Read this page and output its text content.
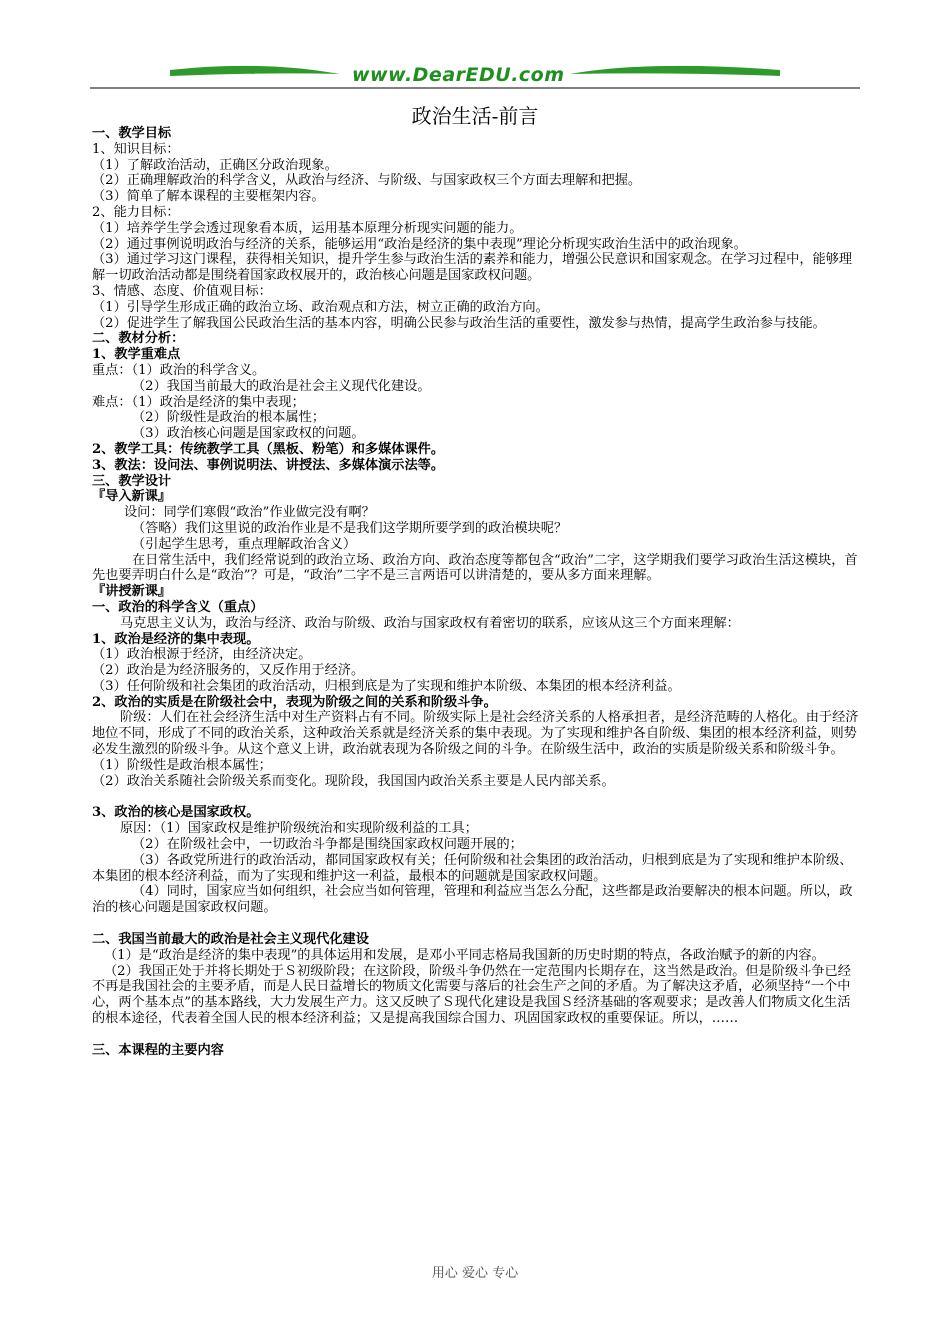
www.DearEDU.com
政治生活-前言
一、教学目标
1、知识目标：
（1）了解政治活动，正确区分政治现象。
（2）正确理解政治的科学含义，从政治与经济、与阶级、与国家政权三个方面去理解和把握。
（3）简单了解本课程的主要框架内容。
2、能力目标：
（1）培养学生学会透过现象看本质，运用基本原理分析现实问题的能力。
（2）通过事例说明政治与经济的关系，能够运用“政治是经济的集中表现”理论分析现实政治生活中的政治现象。
（3）通过学习这门课程，获得相关知识，提升学生参与政治生活的素养和能力，增强公民意识和国家观念。在学习过程中，能够理解一切政治活动都是围绕着国家政权展开的，政治核心问题是国家政权问题。
3、情感、态度、价值观目标：
（1）引导学生形成正确的政治立场、政治观点和方法，树立正确的政治方向。
（2）促进学生了解我国公民政治生活的基本内容，明确公民参与政治生活的重要性，激发参与热情，提高学生政治参与技能。
二、教材分析：
1、教学重难点
重点：（1）政治的科学含义。
（2）我国当前最大的政治是社会主义现代化建设。
难点：（1）政治是经济的集中表现；
（2）阶级性是政治的根本属性；
（3）政治核心问题是国家政权的问题。
2、教学工具：传统教学工具（黑板、粉笔）和多媒体课件。
3、教法：设问法、事例说明法、讲授法、多媒体演示法等。
三、教学设计
『导入新课』
设问：同学们寒假“政治”作业做完没有啊？
（答略）我们这里说的政治作业是不是我们这学期所要学到的政治模块呢？
（引起学生思考，重点理解政治含义）
在日常生活中，我们经常说到的政治立场、政治方向、政治态度等都包含“政治”二字，这学期我们要学习政治生活这模块，首先也要弄明白什么是“政治”？可是，“政治”二字不是三言两语可以讲清楚的，要从多方面来理解。
『讲授新课』
一、政治的科学含义（重点）
马克思主义认为，政治与经济、政治与阶级、政治与国家政权有着密切的联系，应该从这三个方面来理解：
1、政治是经济的集中表现。
（1）政治根源于经济，由经济决定。
（2）政治是为经济服务的，又反作用于经济。
（3）任何阶级和社会集团的政治活动，归根到底是为了实现和维护本阶级、本集团的根本经济利益。
2、政治的实质是在阶级社会中，表现为阶级之间的关系和阶级斗争。
阶级：人们在社会经济生活中对生产资料占有不同。阶级实际上是社会经济关系的人格承担者，是经济范畴的人格化。由于经济地位不同，形成了不同的政治关系，这种政治关系就是经济关系的集中表现。为了实现和维护各自阶级、集团的根本经济利益，则势必发生激烈的阶级斗争。从这个意义上讲，政治就表现为各阶级之间的斗争。在阶级生活中，政治的实质是阶级关系和阶级斗争。
（1）阶级性是政治根本属性；
（2）政治关系随社会阶级关系而变化。现阶段，我国国内政治关系主要是人民内部关系。
3、政治的核心是国家政权。
原因：（1）国家政权是维护阶级统治和实现阶级利益的工具；
（2）在阶级社会中，一切政治斗争都是围绕国家政权问题开展的；
（3）各政党所进行的政治活动，都同国家政权有关；任何阶级和社会集团的政治活动，归根到底是为了实现和维护本阶级、本集团的根本经济利益，而为了实现和维护这一利益，最根本的问题就是国家政权问题。
（4）同时，国家应当如何组织，社会应当如何管理，管理和利益应当怎么分配，这些都是政治要解决的根本问题。所以，政治的核心问题是国家政权问题。
二、我国当前最大的政治是社会主义现代化建设
（1）是“政治是经济的集中表现”的具体运用和发展，是邓小平同志格局我国新的历史时期的特点，各政治赋予的新的内容。
（2）我国正处于并将长期处于Ｓ初级阶段；在这阶段，阶级斗争仍然在一定范围内长期存在，这当然是政治。但是阶级斗争已经不再是我国社会的主要矛盾，而是人民日益增长的物质文化需要与落后的社会生产之间的矛盾。为了解决这矛盾，必须坚持“一个中心，两个基本点”的基本路线，大力发展生产力。这又反映了Ｓ现代化建设是我国Ｓ经济基础的客观要求；是改善人们物质文化生活的根本途径，代表着全国人民的根本经济利益；又是提高我国综合国力、巩固国家政权的重要保证。所以，……
三、本课程的主要内容
用心 爱心 专心
